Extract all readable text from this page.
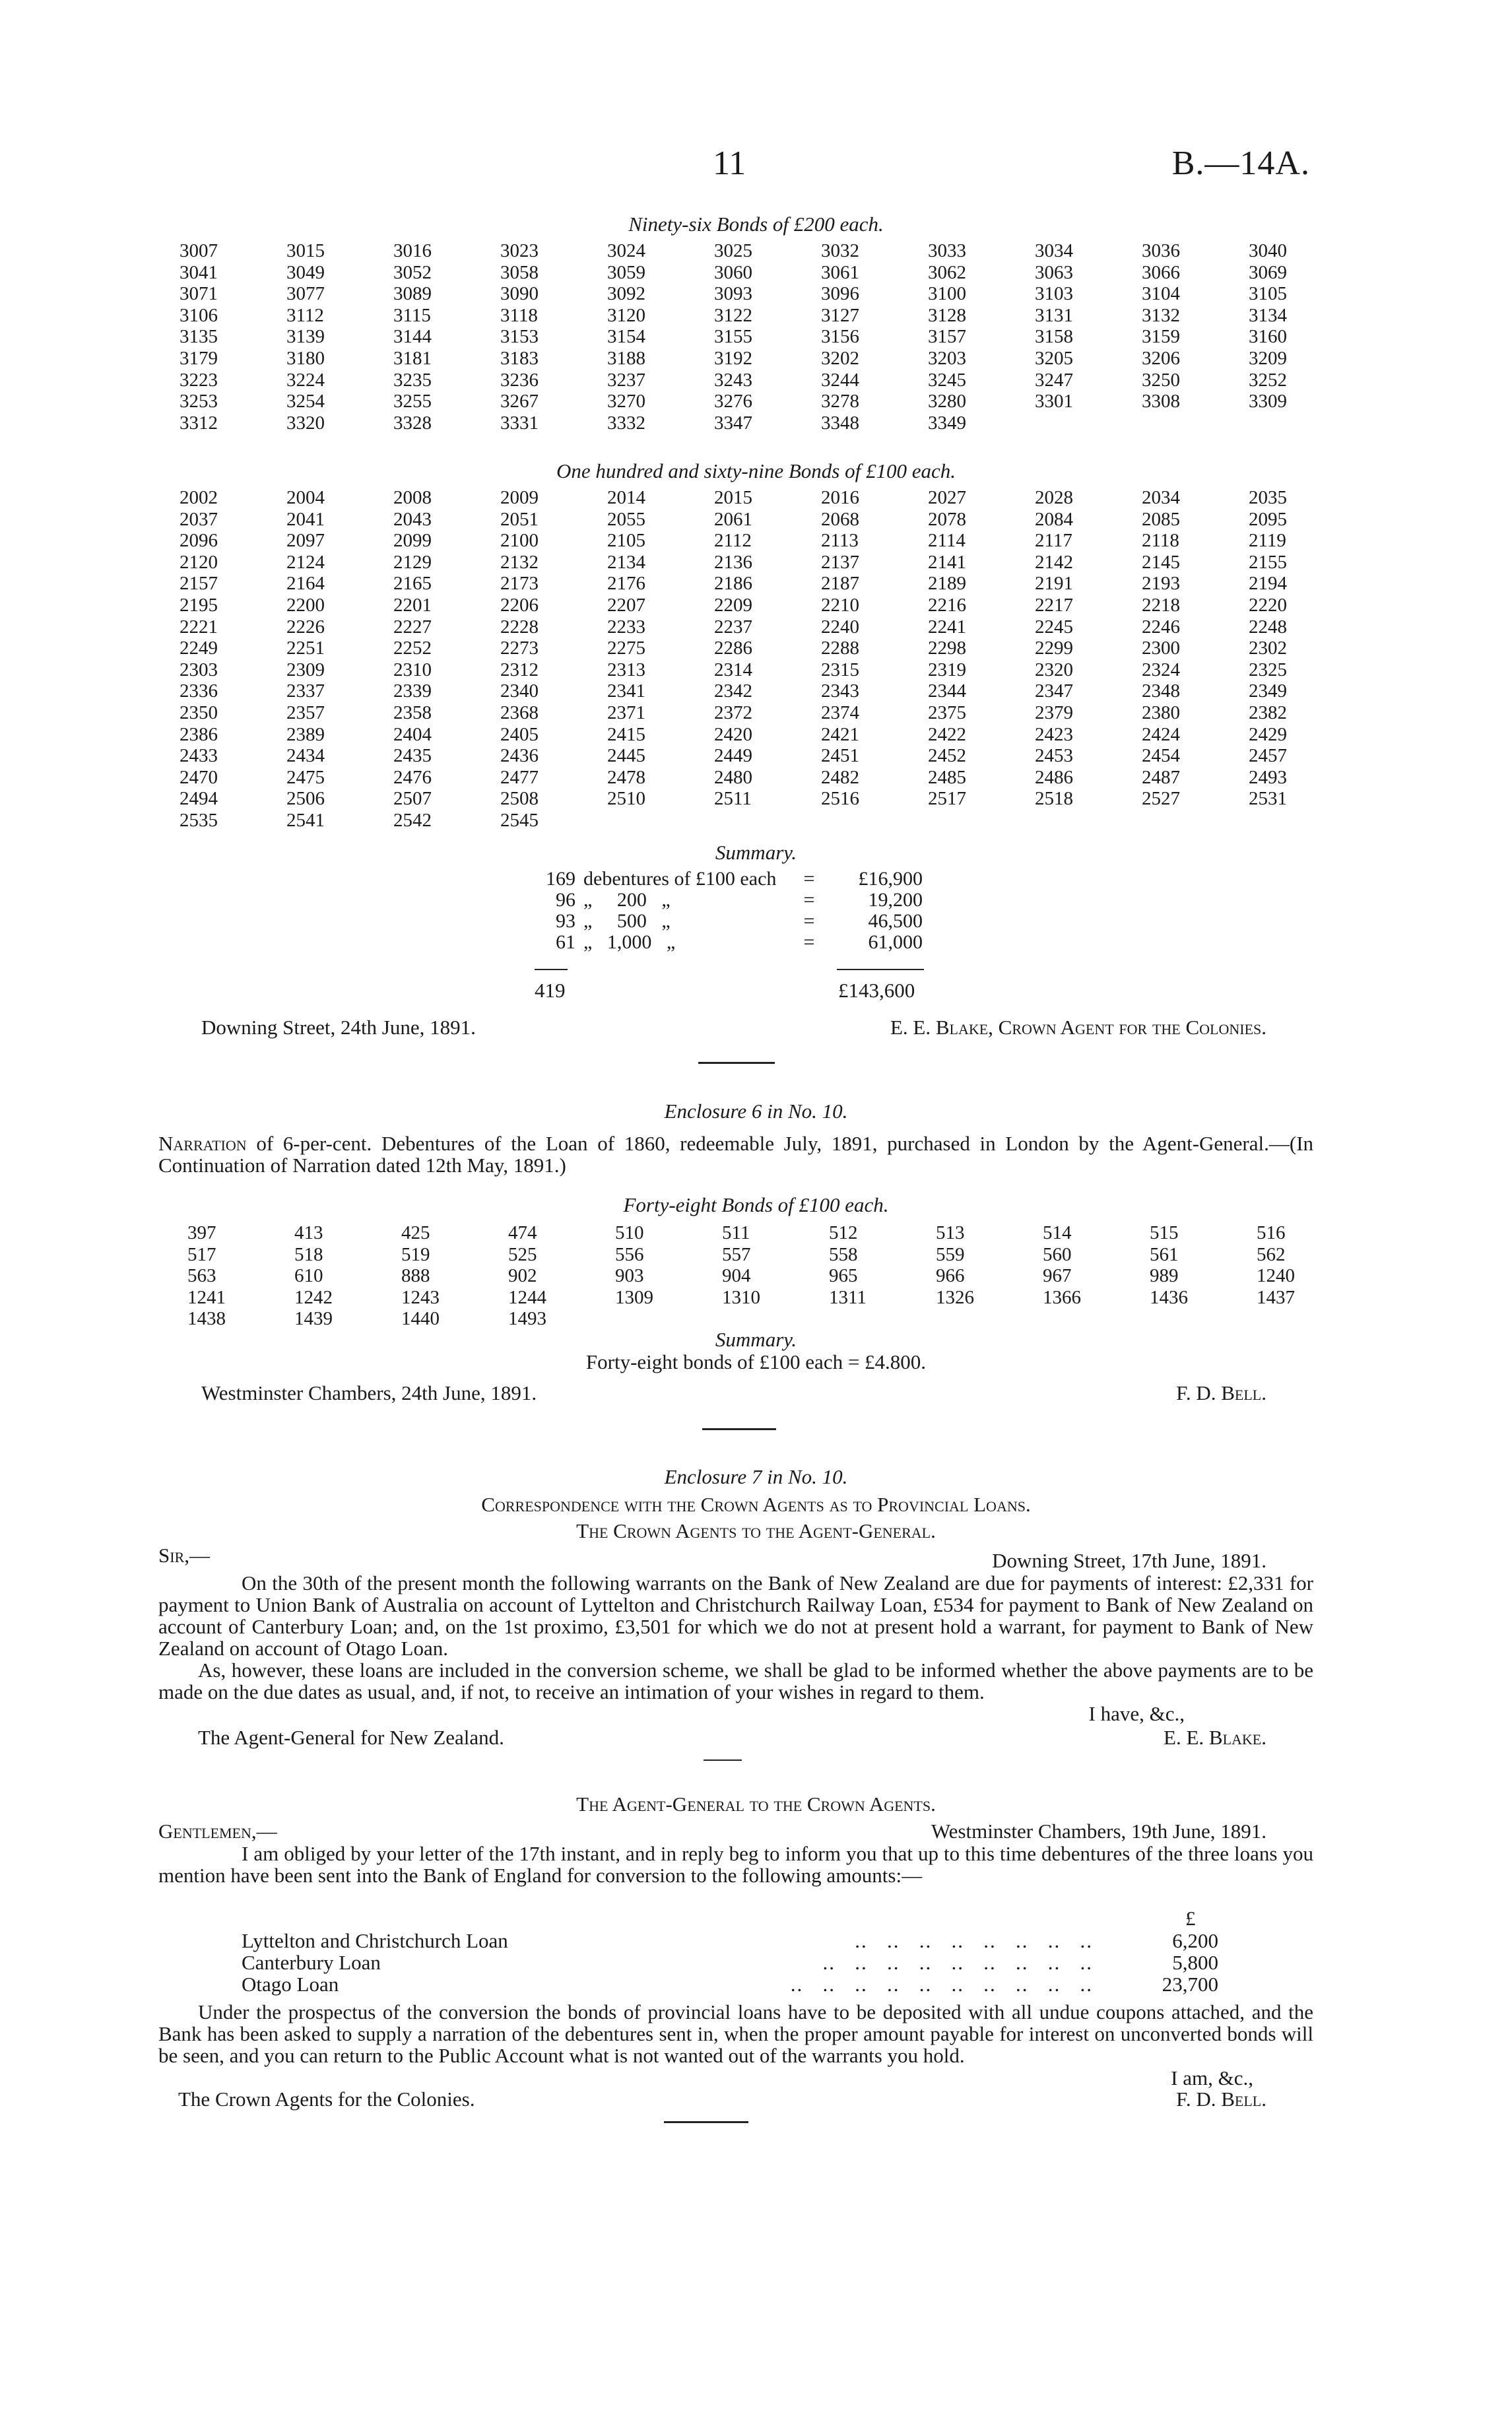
11	B.—14A.
Ninety-six Bonds of £200 each.
3007	3015	3016	3023	3024	3025	3032	3033	3034	3036	3040
3041	3049	3052	3058	3059	3060	3061	3062	3063	3066	3069
3071	3077	3089	3090	3092	3093	3096	3100	3103	3104	3105
3106	3112	3115	3118	3120	3122	3127	3128	3131	3132	3134
3135	3139	3144	3153	3154	3155	3156	3157	3158	3159	3160
3179	3180	3181	3183	3188	3192	3202	3203	3205	3206	3209
3223	3224	3235	3236	3237	3243	3244	3245	3247	3250	3252
3253	3254	3255	3267	3270	3276	3278	3280	3301	3308	3309
3312	3320	3328	3331	3332	3347	3348	3349			
One hundred and sixty-nine Bonds of £100 each.
2002	2004	2008	2009	2014	2015	2016	2027	2028	2034	2035
2037	2041	2043	2051	2055	2061	2068	2078	2084	2085	2095
2096	2097	2099	2100	2105	2112	2113	2114	2117	2118	2119
2120	2124	2129	2132	2134	2136	2137	2141	2142	2145	2155
2157	2164	2165	2173	2176	2186	2187	2189	2191	2193	2194
2195	2200	2201	2206	2207	2209	2210	2216	2217	2218	2220
2221	2226	2227	2228	2233	2237	2240	2241	2245	2246	2248
2249	2251	2252	2273	2275	2286	2288	2298	2299	2300	2302
2303	2309	2310	2312	2313	2314	2315	2319	2320	2324	2325
2336	2337	2339	2340	2341	2342	2343	2344	2347	2348	2349
2350	2357	2358	2368	2371	2372	2374	2375	2379	2380	2382
2386	2389	2404	2405	2415	2420	2421	2422	2423	2424	2429
2433	2434	2435	2436	2445	2449	2451	2452	2453	2454	2457
2470	2475	2476	2477	2478	2480	2482	2485	2486	2487	2493
2494	2506	2507	2508	2510	2511	2516	2517	2518	2527	2531
2535	2541	2542	2545							
Summary.
169	debentures of £100 each	=	£16,900
96	„     200   „	=	19,200
93	„     500   „	=	46,500
61	„   1,000   „	=	61,000
419	£143,600
Downing Street, 24th June, 1891.	E. E. Blake, Crown Agent for the Colonies.
Enclosure 6 in No. 10.
Narration of 6-per-cent. Debentures of the Loan of 1860, redeemable July, 1891, purchased in London by the Agent-General.—(In Continuation of Narration dated 12th May, 1891.)
Forty-eight Bonds of £100 each.
397	413	425	474	510	511	512	513	514	515	516
517	518	519	525	556	557	558	559	560	561	562
563	610	888	902	903	904	965	966	967	989	1240
1241	1242	1243	1244	1309	1310	1311	1326	1366	1436	1437
1438	1439	1440	1493							
Summary.
Forty-eight bonds of £100 each = £4.800.
Westminster Chambers, 24th June, 1891.	F. D. Bell.
Enclosure 7 in No. 10.
Correspondence with the Crown Agents as to Provincial Loans.
The Crown Agents to the Agent-General.
Sir,—	Downing Street, 17th June, 1891.
On the 30th of the present month the following warrants on the Bank of New Zealand are due for payments of interest: £2,331 for payment to Union Bank of Australia on account of Lyttelton and Christchurch Railway Loan, £534 for payment to Bank of New Zealand on account of Canterbury Loan; and, on the 1st proximo, £3,501 for which we do not at present hold a warrant, for payment to Bank of New Zealand on account of Otago Loan.
As, however, these loans are included in the conversion scheme, we shall be glad to be informed whether the above payments are to be made on the due dates as usual, and, if not, to receive an intimation of your wishes in regard to them.
I have, &c.,
The Agent-General for New Zealand.	E. E. Blake.
The Agent-General to the Crown Agents.
Gentlemen,—	Westminster Chambers, 19th June, 1891.
I am obliged by your letter of the 17th instant, and in reply beg to inform you that up to this time debentures of the three loans you mention have been sent into the Bank of England for conversion to the following amounts:—
£
Lyttelton and Christchurch Loan	..   ..   ..   ..   ..   ..   ..   ..	6,200
Canterbury Loan	..   ..   ..   ..   ..   ..   ..   ..   ..	5,800
Otago Loan	..   ..   ..   ..   ..   ..   ..   ..   ..   ..	23,700
Under the prospectus of the conversion the bonds of provincial loans have to be deposited with all undue coupons attached, and the Bank has been asked to supply a narration of the debentures sent in, when the proper amount payable for interest on unconverted bonds will be seen, and you can return to the Public Account what is not wanted out of the warrants you hold.
I am, &c.,
The Crown Agents for the Colonies.	F. D. Bell.
